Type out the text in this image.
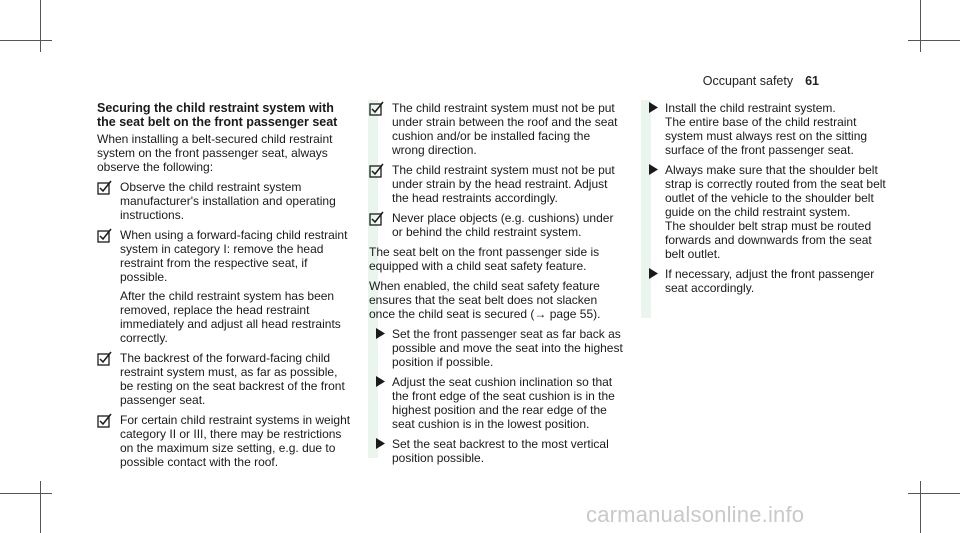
Occupant safety 61
Securing the child restraint system with the seat belt on the front passenger seat

When installing a belt-secured child restraint system on the front passenger seat, always observe the following:

Observe the child restraint system manufacturer's installation and operating instructions.
When using a forward-facing child restraint system in category I: remove the head restraint from the respective seat, if possible.
After the child restraint system has been removed, replace the head restraint immediately and adjust all head restraints correctly.
The backrest of the forward-facing child restraint system must, as far as possible, be resting on the seat backrest of the front passenger seat.
For certain child restraint systems in weight category II or III, there may be restrictions on the maximum size setting, e.g. due to possible contact with the roof.
The child restraint system must not be put under strain between the roof and the seat cushion and/or be installed facing the wrong direction.
The child restraint system must not be put under strain by the head restraint. Adjust the head restraints accordingly.
Never place objects (e.g. cushions) under or behind the child restraint system.

The seat belt on the front passenger side is equipped with a child seat safety feature.

When enabled, the child seat safety feature ensures that the seat belt does not slacken once the child seat is secured (→ page 55).

Set the front passenger seat as far back as possible and move the seat into the highest position if possible.
Adjust the seat cushion inclination so that the front edge of the seat cushion is in the highest position and the rear edge of the seat cushion is in the lowest position.
Set the seat backrest to the most vertical position possible.
Install the child restraint system.
The entire base of the child restraint system must always rest on the sitting surface of the front passenger seat.
Always make sure that the shoulder belt strap is correctly routed from the seat belt outlet of the vehicle to the shoulder belt guide on the child restraint system.
The shoulder belt strap must be routed forwards and downwards from the seat belt outlet.
If necessary, adjust the front passenger seat accordingly.
carmanualsonline.info
